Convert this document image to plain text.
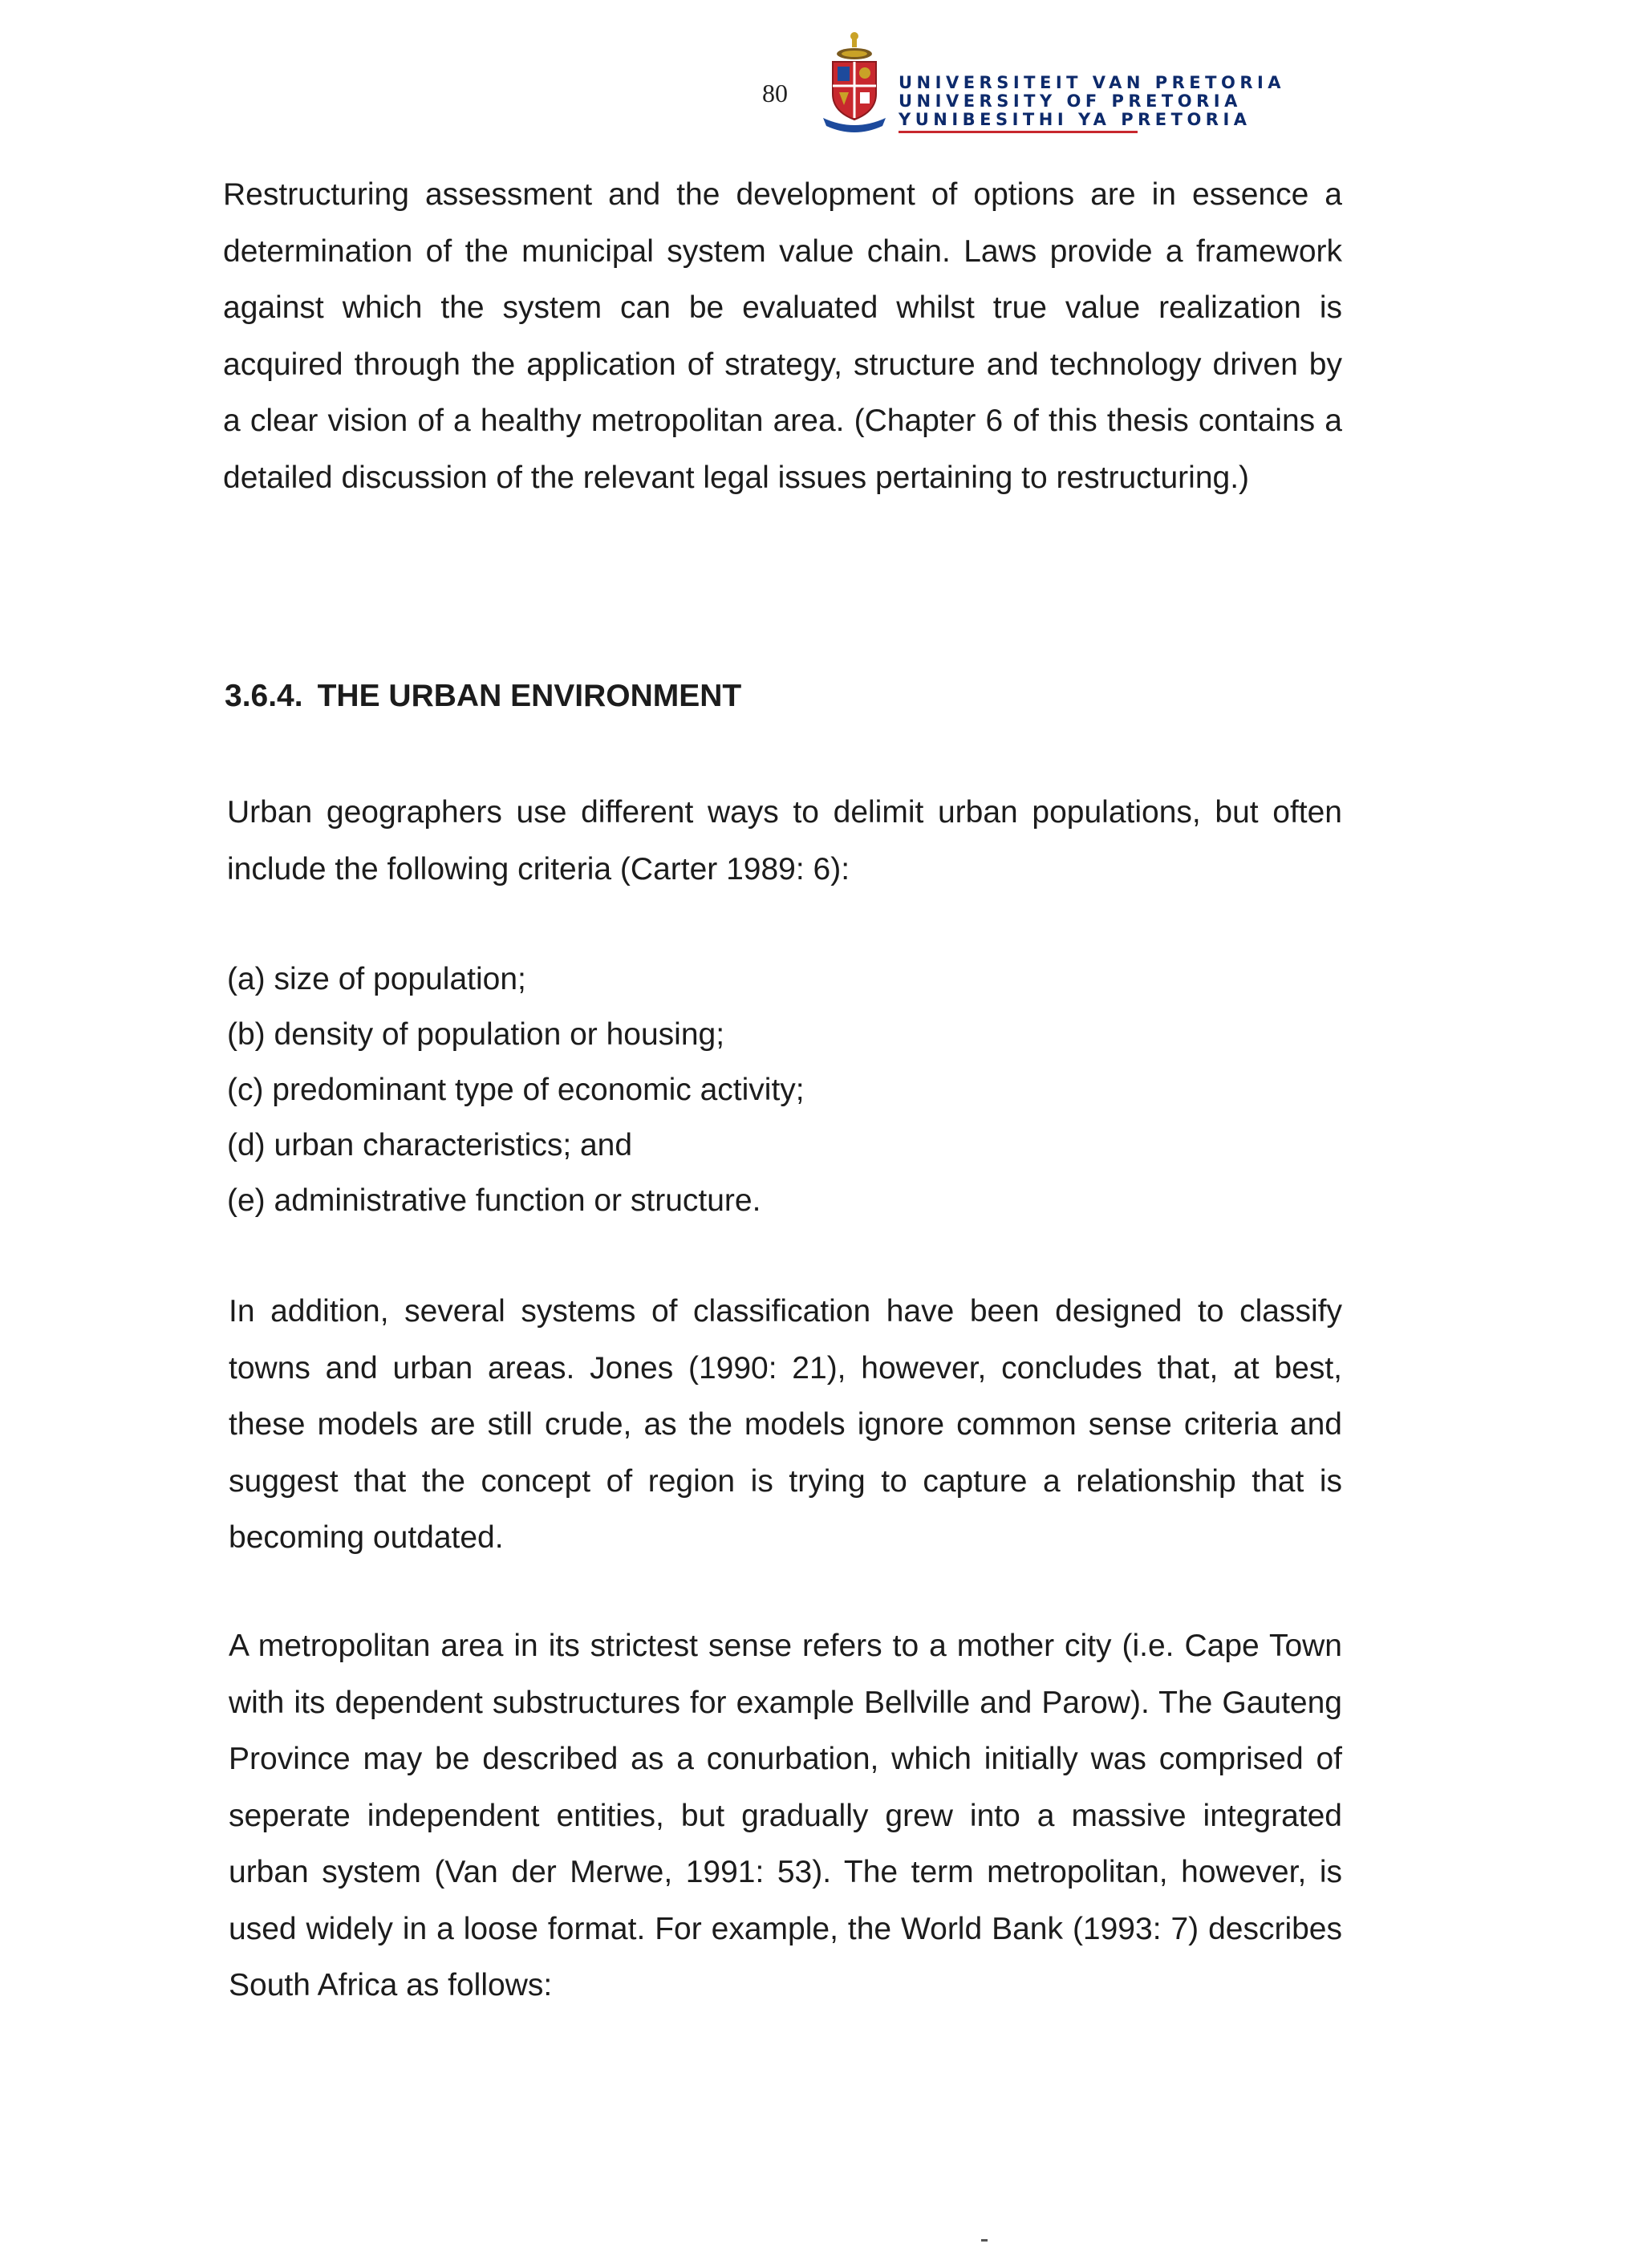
80	UNIVERSITEIT VAN PRETORIA
UNIVERSITY OF PRETORIA
YUNIBESITHI YA PRETORIA

Restructuring assessment and the development of options are in essence a determination of the municipal system value chain. Laws provide a framework against which the system can be evaluated whilst true value realization is acquired through the application of strategy, structure and technology driven by a clear vision of a healthy metropolitan area. (Chapter 6 of this thesis contains a detailed discussion of the relevant legal issues pertaining to restructuring.)

3.6.4. THE URBAN ENVIRONMENT

Urban geographers use different ways to delimit urban populations, but often include the following criteria (Carter 1989: 6):

(a) size of population;
(b) density of population or housing;
(c) predominant type of economic activity;
(d) urban characteristics; and
(e) administrative function or structure.

In addition, several systems of classification have been designed to classify towns and urban areas. Jones (1990: 21), however, concludes that, at best, these models are still crude, as the models ignore common sense criteria and suggest that the concept of region is trying to capture a relationship that is becoming outdated.

A metropolitan area in its strictest sense refers to a mother city (i.e. Cape Town with its dependent substructures for example Bellville and Parow). The Gauteng Province may be described as a conurbation, which initially was comprised of seperate independent entities, but gradually grew into a massive integrated urban system (Van der Merwe, 1991: 53). The term metropolitan, however, is used widely in a loose format. For example, the World Bank (1993: 7) describes South Africa as follows:
